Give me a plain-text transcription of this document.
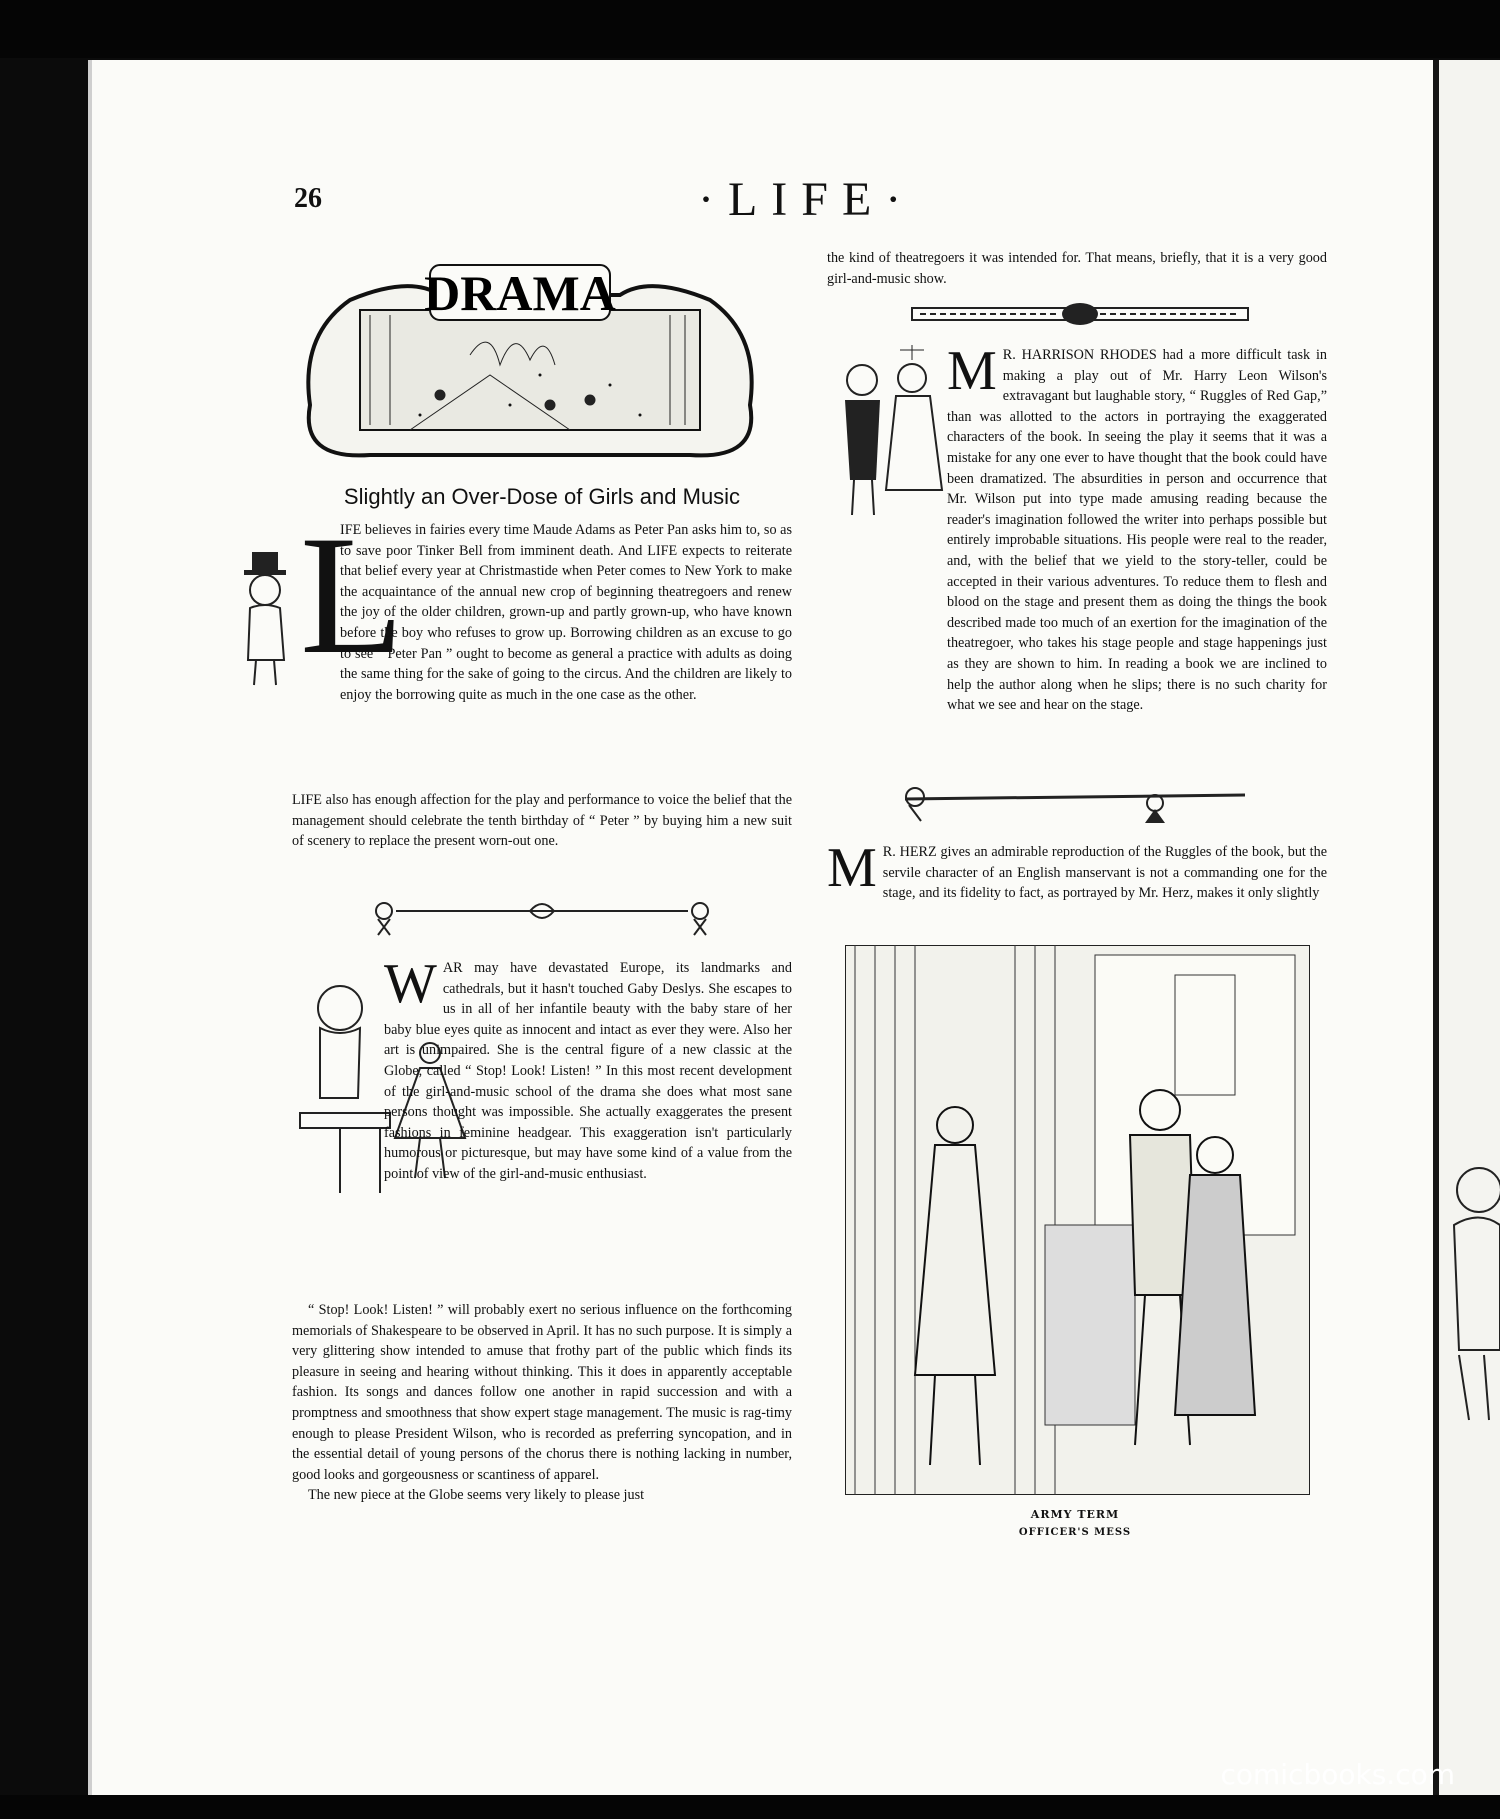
26	·LIFE·
DRAMA
Slightly an Over-Dose of Girls and Music
L
IFE believes in fairies every time Maude Adams as Peter Pan asks him to, so as to save poor Tinker Bell from imminent death. And LIFE expects to reiterate that belief every year at Christmastide when Peter comes to New York to make the acquaintance of the annual new crop of beginning theatregoers and renew the joy of the older children, grown-up and partly grown-up, who have known before the boy who refuses to grow up. Borrowing children as an excuse to go to see “ Peter Pan ” ought to become as general a practice with adults as doing the same thing for the sake of going to the circus. And the children are likely to enjoy the borrowing quite as much in the one case as the other.
LIFE also has enough affection for the play and performance to voice the belief that the management should celebrate the tenth birthday of “ Peter ” by buying him a new suit of scenery to replace the present worn-out one.
W AR may have devastated Europe, its landmarks and cathedrals, but it hasn't touched Gaby Deslys. She escapes to us in all of her infantile beauty with the baby stare of her baby blue eyes quite as innocent and intact as ever they were. Also her art is unimpaired. She is the central figure of a new classic at the Globe, called “ Stop! Look! Listen! ” In this most recent development of the girl-and-music school of the drama she does what most sane persons thought was impossible. She actually exaggerates the present fashions in feminine headgear. This exaggeration isn't particularly humorous or picturesque, but may have some kind of a value from the point of view of the girl-and-music enthusiast.

“ Stop! Look! Listen! ” will probably exert no serious influence on the forthcoming memorials of Shakespeare to be observed in April. It has no such purpose. It is simply a very glittering show intended to amuse that frothy part of the public which finds its pleasure in seeing and hearing without thinking. This it does in apparently acceptable fashion. Its songs and dances follow one another in rapid succession and with a promptness and smoothness that show expert stage management. The music is rag-timy enough to please President Wilson, who is recorded as preferring syncopation, and in the essential detail of young persons of the chorus there is nothing lacking in number, good looks and gorgeousness or scantiness of apparel.

The new piece at the Globe seems very likely to please just

the kind of theatregoers it was intended for. That means, briefly, that it is a very good girl-and-music show.
M R. HARRISON RHODES had a more difficult task in making a play out of Mr. Harry Leon Wilson's extravagant but laughable story, “ Ruggles of Red Gap,” than was allotted to the actors in portraying the exaggerated characters of the book. In seeing the play it seems that it was a mistake for any one ever to have thought that the book could have been dramatized. The absurdities in person and occurrence that Mr. Wilson put into type made amusing reading because the reader's imagination followed the writer into perhaps possible but entirely improbable situations. His people were real to the reader, and, with the belief that we yield to the story-teller, could be accepted in their various adventures. To reduce them to flesh and blood on the stage and present them as doing the things the book described made too much of an exertion for the imagination of the theatregoer, who takes his stage people and stage happenings just as they are shown to him. In reading a book we are inclined to help the author along when he slips; there is no such charity for what we see and hear on the stage.
M R. HERZ gives an admirable reproduction of the Ruggles of the book, but the servile character of an English manservant is not a commanding one for the stage, and its fidelity to fact, as portrayed by Mr. Herz, makes it only slightly
ARMY TERM
OFFICER'S MESS
comicbooks.com
